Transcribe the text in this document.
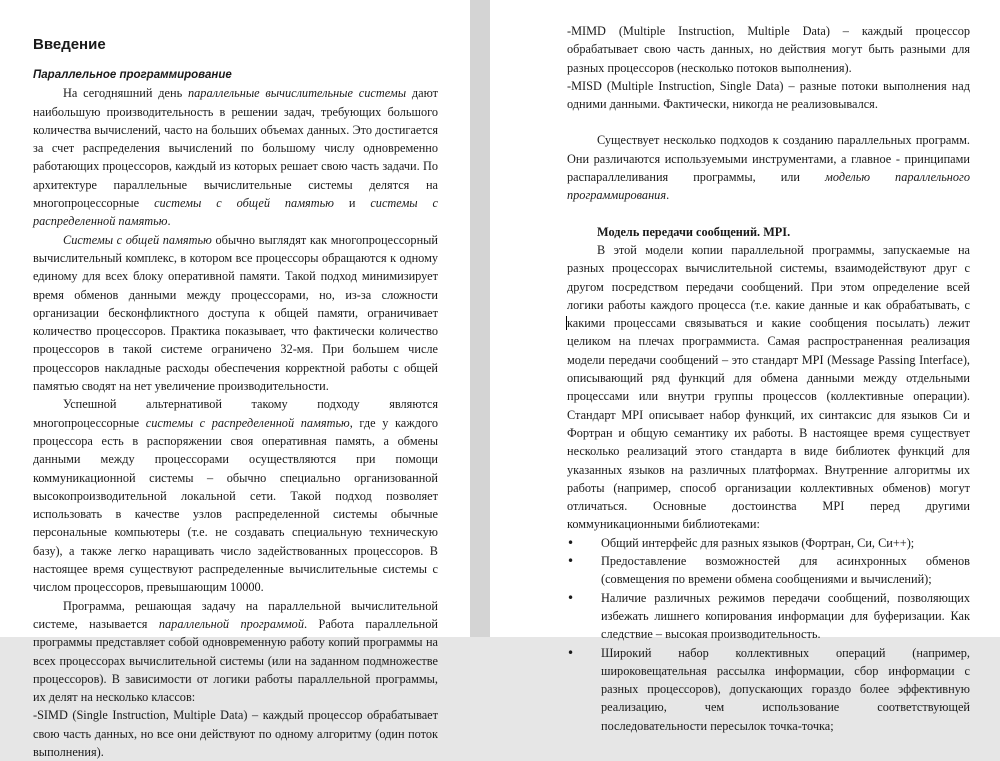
Введение

Параллельное программирование

На сегодняшний день параллельные вычислительные системы дают наибольшую производительность в решении задач, требующих большого количества вычислений, часто на больших объемах данных. Это достигается за счет распределения вычислений по большому числу одновременно работающих процессоров, каждый из которых решает свою часть задачи. По архитектуре параллельные вычислительные системы делятся на многопроцессорные системы с общей памятью и системы с распределенной памятью.

Системы с общей памятью обычно выглядят как многопроцессорный вычислительный комплекс, в котором все процессоры обращаются к одному единому для всех блоку оперативной памяти. Такой подход минимизирует время обменов данными между процессорами, но, из-за сложности организации бесконфликтного доступа к общей памяти, ограничивает количество процессоров. Практика показывает, что фактически количество процессоров в такой системе ограничено 32-мя. При большем числе процессоров накладные расходы обеспечения корректной работы с общей памятью сводят на нет увеличение производительности.

Успешной альтернативой такому подходу являются многопроцессорные системы с распределенной памятью, где у каждого процессора есть в распоряжении своя оперативная память, а обмены данными между процессорами осуществляются при помощи коммуникационной системы – обычно специально организованной высокопроизводительной локальной сети. Такой подход позволяет использовать в качестве узлов распределенной системы обычные персональные компьютеры (т.е. не создавать специальную техническую базу), а также легко наращивать число задействованных процессоров. В настоящее время существуют распределенные вычислительные системы с числом процессоров, превышающим 10000.

Программа, решающая задачу на параллельной вычислительной системе, называется параллельной программой. Работа параллельной программы представляет собой одновременную работу копий программы на всех процессорах вычислительной системы (или на заданном подмножестве процессоров). В зависимости от логики работы параллельной программы, их делят на несколько классов:

-SIMD (Single Instruction, Multiple Data) – каждый процессор обрабатывает свою часть данных, но все они действуют по одному алгоритму (один поток выполнения).

-MIMD (Multiple Instruction, Multiple Data) – каждый процессор обрабатывает свою часть данных, но действия могут быть разными для разных процессоров (несколько потоков выполнения).

-MISD (Multiple Instruction, Single Data) – разные потоки выполнения над одними данными. Фактически, никогда не реализовывался.

Существует несколько подходов к созданию параллельных программ. Они различаются используемыми инструментами, а главное - принципами распараллеливания программы, или моделью параллельного программирования.

Модель передачи сообщений. MPI.

В этой модели копии параллельной программы, запускаемые на разных процессорах вычислительной системы, взаимодействуют друг с другом посредством передачи сообщений. При этом определение всей логики работы каждого процесса (т.е. какие данные и как обрабатывать, с какими процессами связываться и какие сообщения посылать) лежит целиком на плечах программиста. Самая распространенная реализация модели передачи сообщений – это стандарт MPI (Message Passing Interface), описывающий ряд функций для обмена данными между отдельными процессами или внутри группы процессов (коллективные операции). Стандарт MPI описывает набор функций, их синтаксис для языков Си и Фортран и общую семантику их работы. В настоящее время существует несколько реализаций этого стандарта в виде библиотек функций для указанных языков на различных платформах. Внутренние алгоритмы их работы (например, способ организации коллективных обменов) могут отличаться. Основные достоинства MPI перед другими коммуникационными библиотеками:

•	Общий интерфейс для разных языков (Фортран, Си, Си++);
•	Предоставление возможностей для асинхронных обменов (совмещения по времени обмена сообщениями и вычислений);
•	Наличие различных режимов передачи сообщений, позволяющих избежать лишнего копирования информации для буферизации. Как следствие – высокая производительность.
•	Широкий набор коллективных операций (например, широковещательная рассылка информации, сбор информации с разных процессоров), допускающих гораздо более эффективную реализацию, чем использование соответствующей последовательности пересылок точка-точка;
